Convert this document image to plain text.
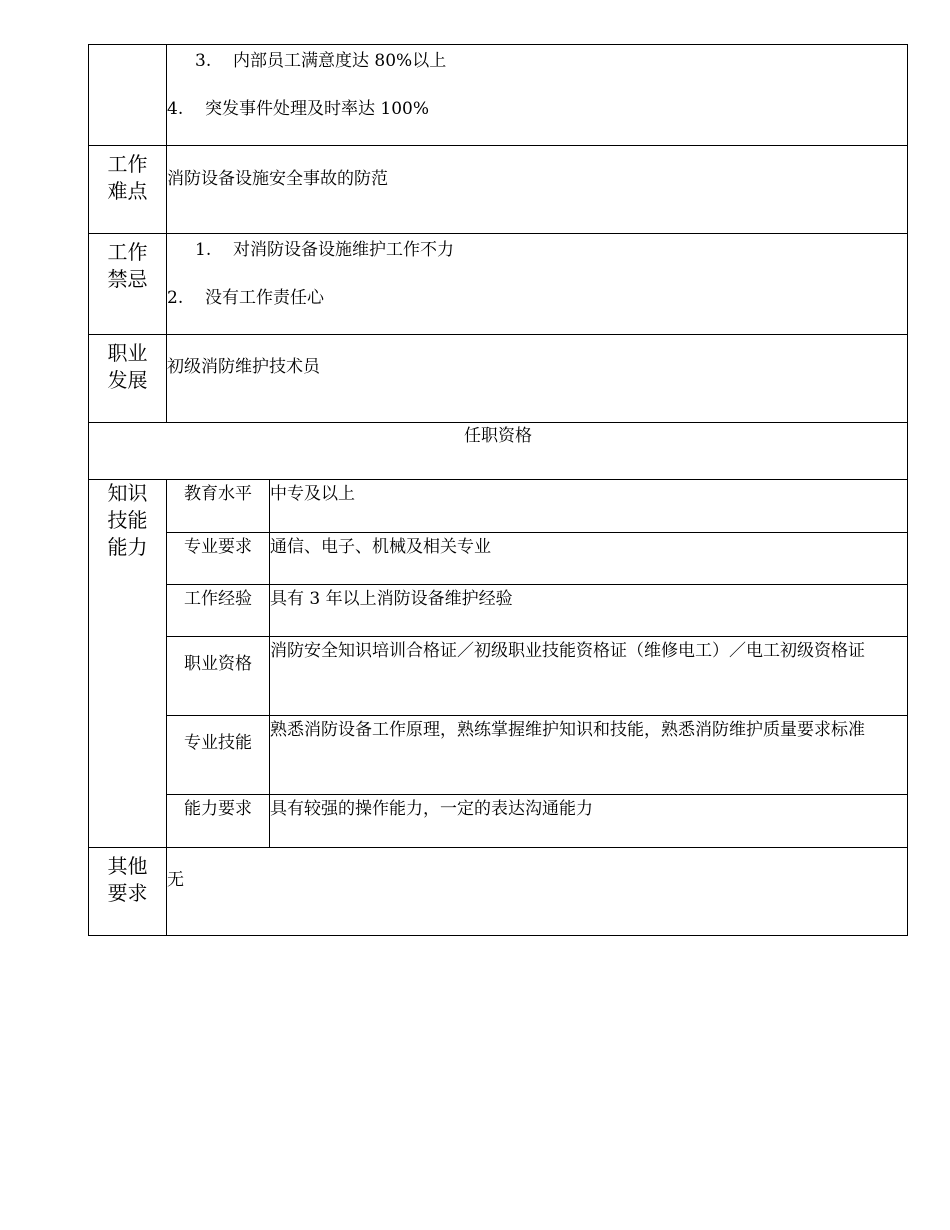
	3. 内部员工满意度达 80%以上
4. 突发事件处理及时率达 100%	

工作
难点	消防设备设施安全事故的防范	

工作
禁忌	1. 对消防设备设施维护工作不力
2. 没有工作责任心	

职业
发展	初级消防维护技术员	

任职资格		

知识
技能
能力	教育水平	中专及以上

	专业要求	通信、电子、机械及相关专业

	工作经验	具有 3 年以上消防设备维护经验

	职业资格	消防安全知识培训合格证／初级职业技能资格证（维修电工）／电工初级资格证

	专业技能	熟悉消防设备工作原理，熟练掌握维护知识和技能，熟悉消防维护质量要求标准

	能力要求	具有较强的操作能力，一定的表达沟通能力

其他
要求	无	
